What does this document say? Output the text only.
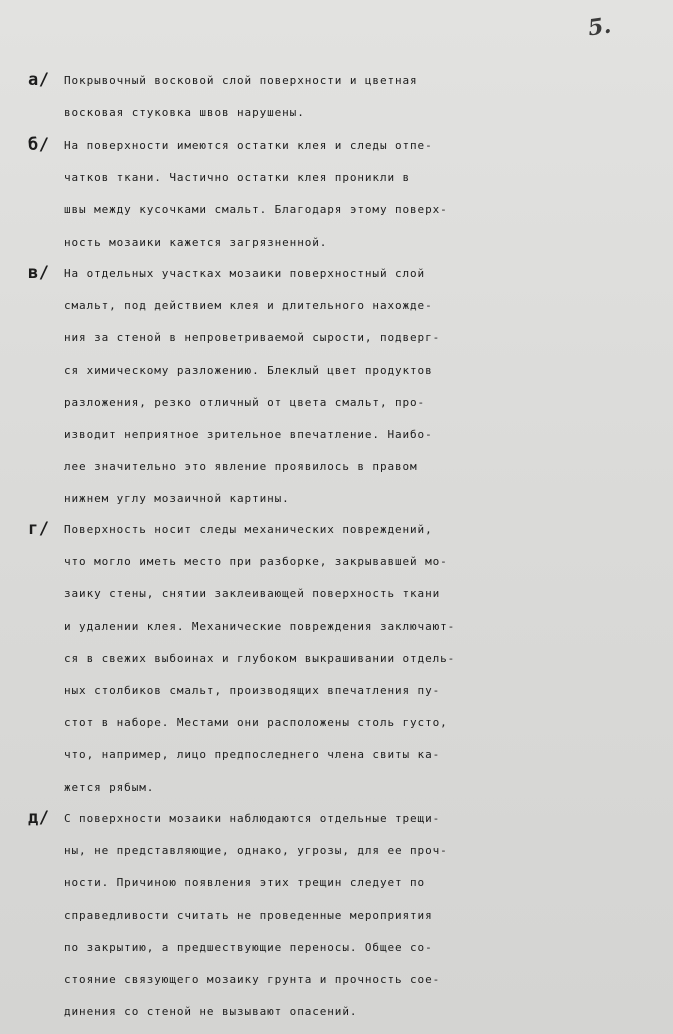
5.
а/	Покрывочный восковой слой поверхности и цветная
восковая стуковка швов нарушены.
б/	На поверхности имеются остатки клея и следы отпе-
чатков ткани. Частично остатки клея проникли в
швы между кусочками смальт. Благодаря этому поверх-
ность мозаики кажется загрязненной.
в/	На отдельных участках мозаики поверхностный слой
смальт, под действием клея и длительного нахожде-
ния за стеной в непроветриваемой сырости, подверг-
ся химическому разложению. Блеклый цвет продуктов
разложения, резко отличный от цвета смальт, про-
изводит неприятное зрительное впечатление. Наибо-
лее значительно это явление проявилось в правом
нижнем углу мозаичной картины.
г/	Поверхность носит следы механических повреждений,
что могло иметь место при разборке, закрывавшей мо-
заику стены, снятии заклеивающей поверхность ткани
и удалении клея. Механические повреждения заключают-
ся в свежих выбоинах и глубоком выкрашивании отдель-
ных столбиков смальт, производящих впечатления пу-
стот в наборе. Местами они расположены столь густо,
что, например, лицо предпоследнего члена свиты ка-
жется рябым.
д/	С поверхности мозаики наблюдаются отдельные трещи-
ны, не представляющие, однако, угрозы, для ее проч-
ности. Причиною появления этих трещин следует по
справедливости считать не проведенные мероприятия
по закрытию, а предшествующие переносы. Общее со-
стояние связующего мозаику грунта и прочность сое-
динения со стеной не вызывают опасений.
